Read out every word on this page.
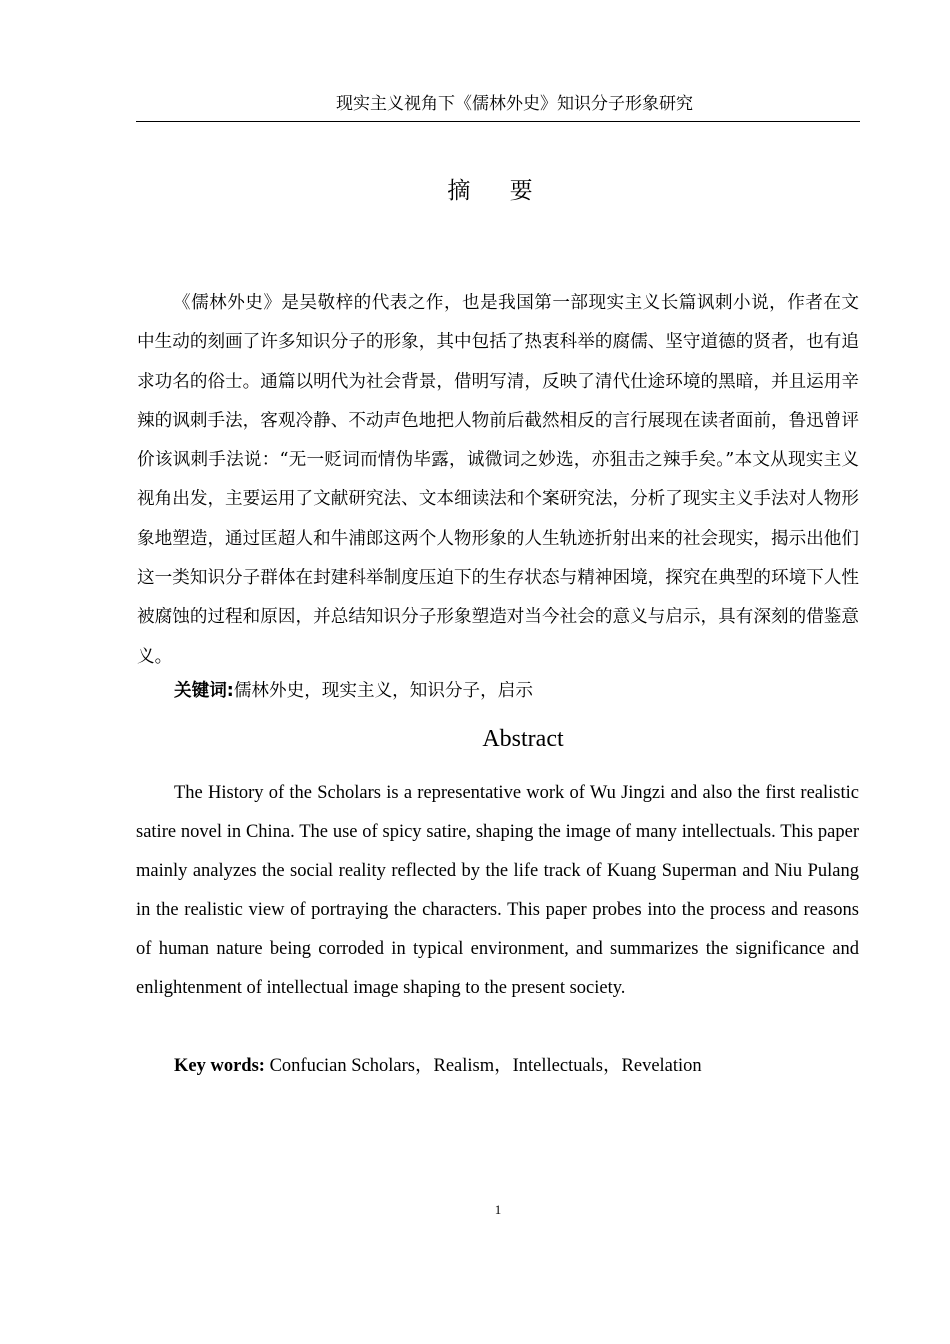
现实主义视角下《儒林外史》知识分子形象研究
摘 要

《儒林外史》是吴敬梓的代表之作，也是我国第一部现实主义长篇讽刺小说，作者在文中生动的刻画了许多知识分子的形象，其中包括了热衷科举的腐儒、坚守道德的贤者，也有追求功名的俗士。通篇以明代为社会背景，借明写清，反映了清代仕途环境的黑暗，并且运用辛辣的讽刺手法，客观冷静、不动声色地把人物前后截然相反的言行展现在读者面前，鲁迅曾评价该讽刺手法说：“无一贬词而情伪毕露，诚微词之妙选，亦狙击之辣手矣。”本文从现实主义视角出发，主要运用了文献研究法、文本细读法和个案研究法，分析了现实主义手法对人物形象地塑造，通过匡超人和牛浦郎这两个人物形象的人生轨迹折射出来的社会现实，揭示出他们这一类知识分子群体在封建科举制度压迫下的生存状态与精神困境，探究在典型的环境下人性被腐蚀的过程和原因，并总结知识分子形象塑造对当今社会的意义与启示，具有深刻的借鉴意义。

关键词:儒林外史，现实主义，知识分子，启示
Abstract

The History of the Scholars is a representative work of Wu Jingzi and also the first realistic satire novel in China. The use of spicy satire, shaping the image of many intellectuals. This paper mainly analyzes the social reality reflected by the life track of Kuang Superman and Niu Pulang in the realistic view of portraying the characters. This paper probes into the process and reasons of human nature being corroded in typical environment, and summarizes the significance and enlightenment of intellectual image shaping to the present society.

Key words: Confucian Scholars，Realism，Intellectuals，Revelation
1
